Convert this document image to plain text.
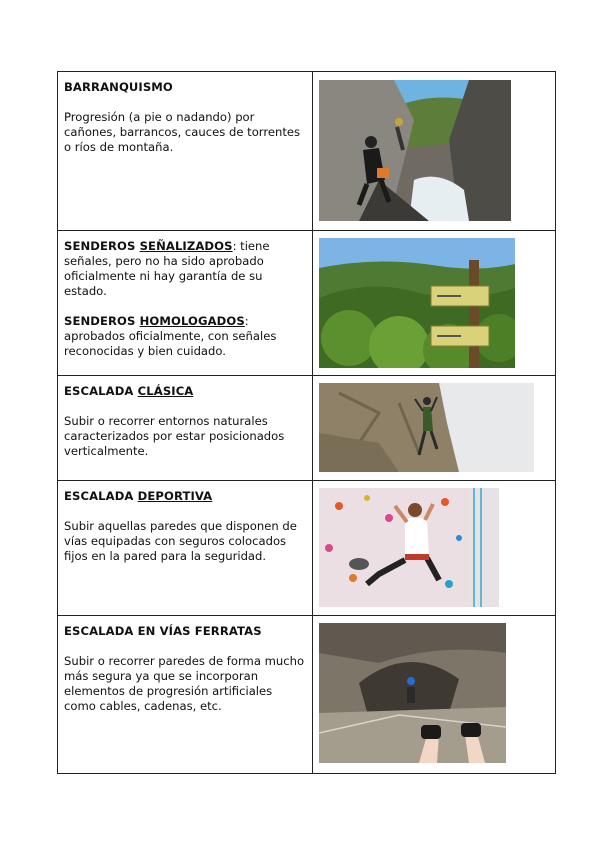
BARRANQUISMO
Progresión (a pie o nadando) por cañones, barrancos, cauces de torrentes o ríos de montaña.

SENDEROS SEÑALIZADOS: tiene señales, pero no ha sido aprobado oficialmente ni hay garantía de su estado.
SENDEROS HOMOLOGADOS: aprobados oficialmente, con señales reconocidas y bien cuidado.

ESCALADA CLÁSICA
Subir o recorrer entornos naturales caracterizados por estar posicionados verticalmente.

ESCALADA DEPORTIVA
Subir aquellas paredes que disponen de vías equipadas con seguros colocados fijos en la pared para la seguridad.

ESCALADA EN VÍAS FERRATAS
Subir o recorrer paredes de forma mucho más segura ya que se incorporan elementos de progresión artificiales como cables, cadenas, etc.
